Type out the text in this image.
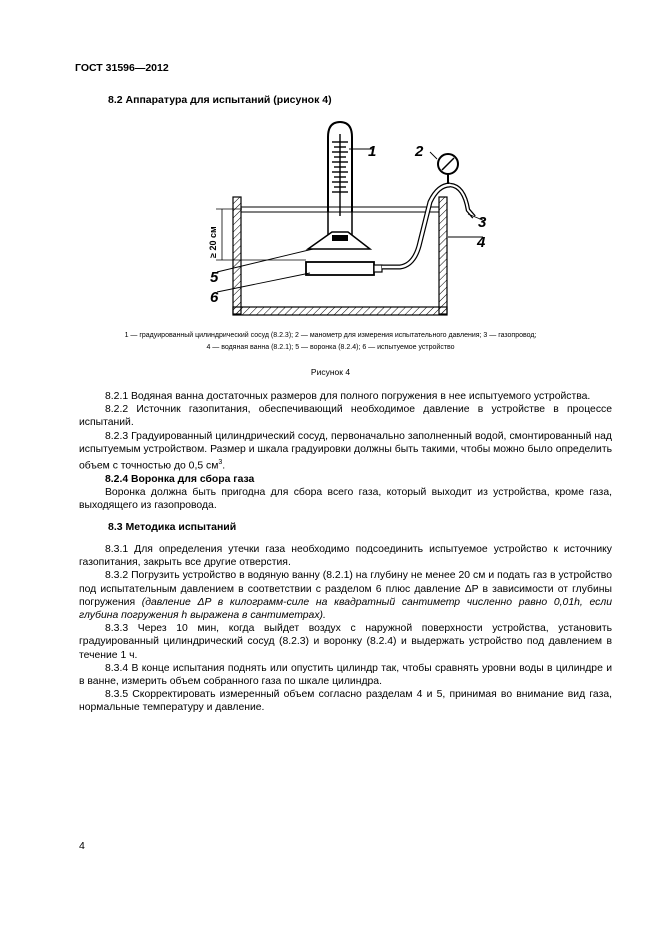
ГОСТ 31596—2012
8.2 Аппаратура для испытаний (рисунок 4)
≥ 20 см
1	2
3
4
5
6
1 — градуированный цилиндрический сосуд (8.2.3); 2 — манометр для измерения испытательного давления; 3 — газопровод;
4 — водяная ванна (8.2.1); 5 — воронка (8.2.4); 6 — испытуемое устройство
Рисунок 4

8.2.1 Водяная ванна достаточных размеров для полного погружения в нее испытуемого устройства.

8.2.2 Источник газопитания, обеспечивающий необходимое давление в устройстве в процессе испытаний.

8.2.3 Градуированный цилиндрический сосуд, первоначально заполненный водой, смонтированный над испытуемым устройством. Размер и шкала градуировки должны быть такими, чтобы можно было определить объем с точностью до 0,5 $см^3$.

8.2.4 Воронка для сбора газа

Воронка должна быть пригодна для сбора всего газа, который выходит из устройства, кроме газа, выходящего из газопровода.

8.3 Методика испытаний

8.3.1 Для определения утечки газа необходимо подсоединить испытуемое устройство к источнику газопитания, закрыть все другие отверстия.

8.3.2 Погрузить устройство в водяную ванну (8.2.1) на глубину не менее 20 см и подать газ в устройство под испытательным давлением в соответствии с разделом 6 плюс давление ΔP в зависимости от глубины погружения (давление ΔP в килограмм-силе на квадратный сантиметр численно равно 0,01h, если глубина погружения h выражена в сантиметрах).

8.3.3 Через 10 мин, когда выйдет воздух с наружной поверхности устройства, установить градуированный цилиндрический сосуд (8.2.3) и воронку (8.2.4) и выдержать устройство под давлением в течение 1 ч.

8.3.4 В конце испытания поднять или опустить цилиндр так, чтобы сравнять уровни воды в цилиндре и в ванне, измерить объем собранного газа по шкале цилиндра.

8.3.5 Скорректировать измеренный объем согласно разделам 4 и 5, принимая во внимание вид газа, нормальные температуру и давление.

4
